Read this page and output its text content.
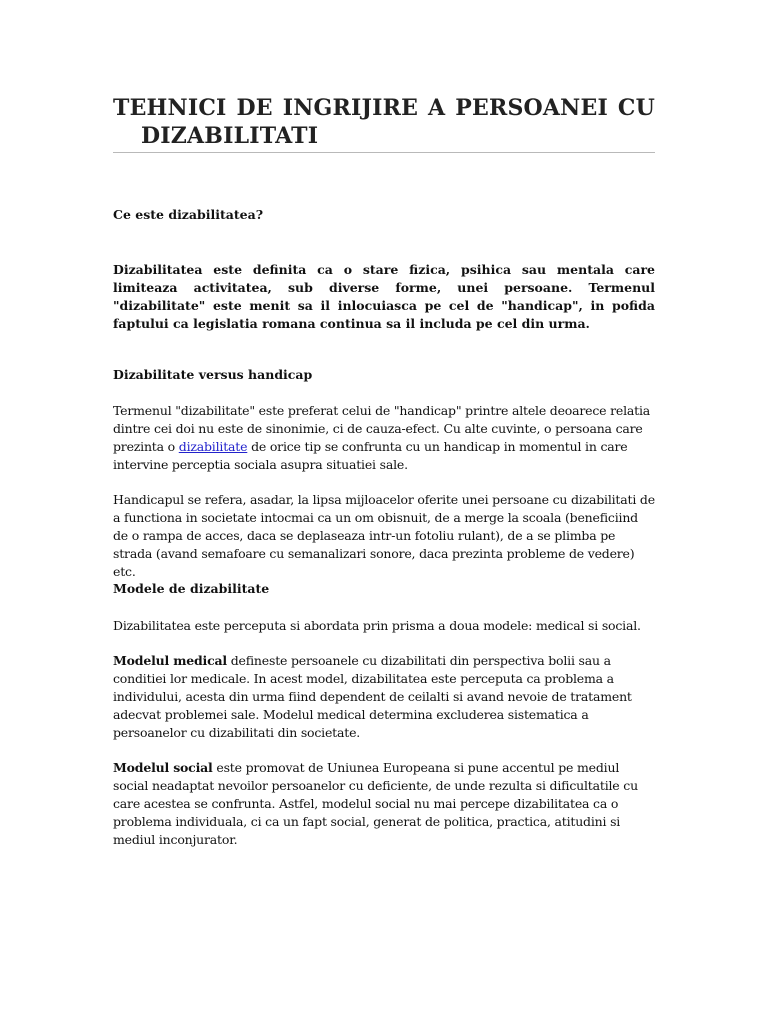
TEHNICI DE INGRIJIRE A PERSOANEI CU
DIZABILITATI
Ce este dizabilitatea?
Dizabilitatea este definita ca o stare fizica, psihica sau mentala care limiteaza activitatea, sub diverse forme, unei persoane. Termenul "dizabilitate" este menit sa il inlocuiasca pe cel de "handicap", in pofida faptului ca legislatia romana continua sa il includa pe cel din urma.
Dizabilitate versus handicap
Termenul "dizabilitate" este preferat celui de "handicap" printre altele deoarece relatia dintre cei doi nu este de sinonimie, ci de cauza-efect. Cu alte cuvinte, o persoana care prezinta o dizabilitate de orice tip se confrunta cu un handicap in momentul in care intervine perceptia sociala asupra situatiei sale.
Handicapul se refera, asadar, la lipsa mijloacelor oferite unei persoane cu dizabilitati de a functiona in societate intocmai ca un om obisnuit, de a merge la scoala (beneficiind de o rampa de acces, daca se deplaseaza intr-un fotoliu rulant), de a se plimba pe strada (avand semafoare cu semanalizari sonore, daca prezinta probleme de vedere) etc.
Modele de dizabilitate
Dizabilitatea este perceputa si abordata prin prisma a doua modele: medical si social.
Modelul medical defineste persoanele cu dizabilitati din perspectiva bolii sau a conditiei lor medicale. In acest model, dizabilitatea este perceputa ca problema a individului, acesta din urma fiind dependent de ceilalti si avand nevoie de tratament adecvat problemei sale. Modelul medical determina excluderea sistematica a persoanelor cu dizabilitati din societate.
Modelul social este promovat de Uniunea Europeana si pune accentul pe mediul social neadaptat nevoilor persoanelor cu deficiente, de unde rezulta si dificultatile cu care acestea se confrunta. Astfel, modelul social nu mai percepe dizabilitatea ca o problema individuala, ci ca un fapt social, generat de politica, practica, atitudini si mediul inconjurator.
